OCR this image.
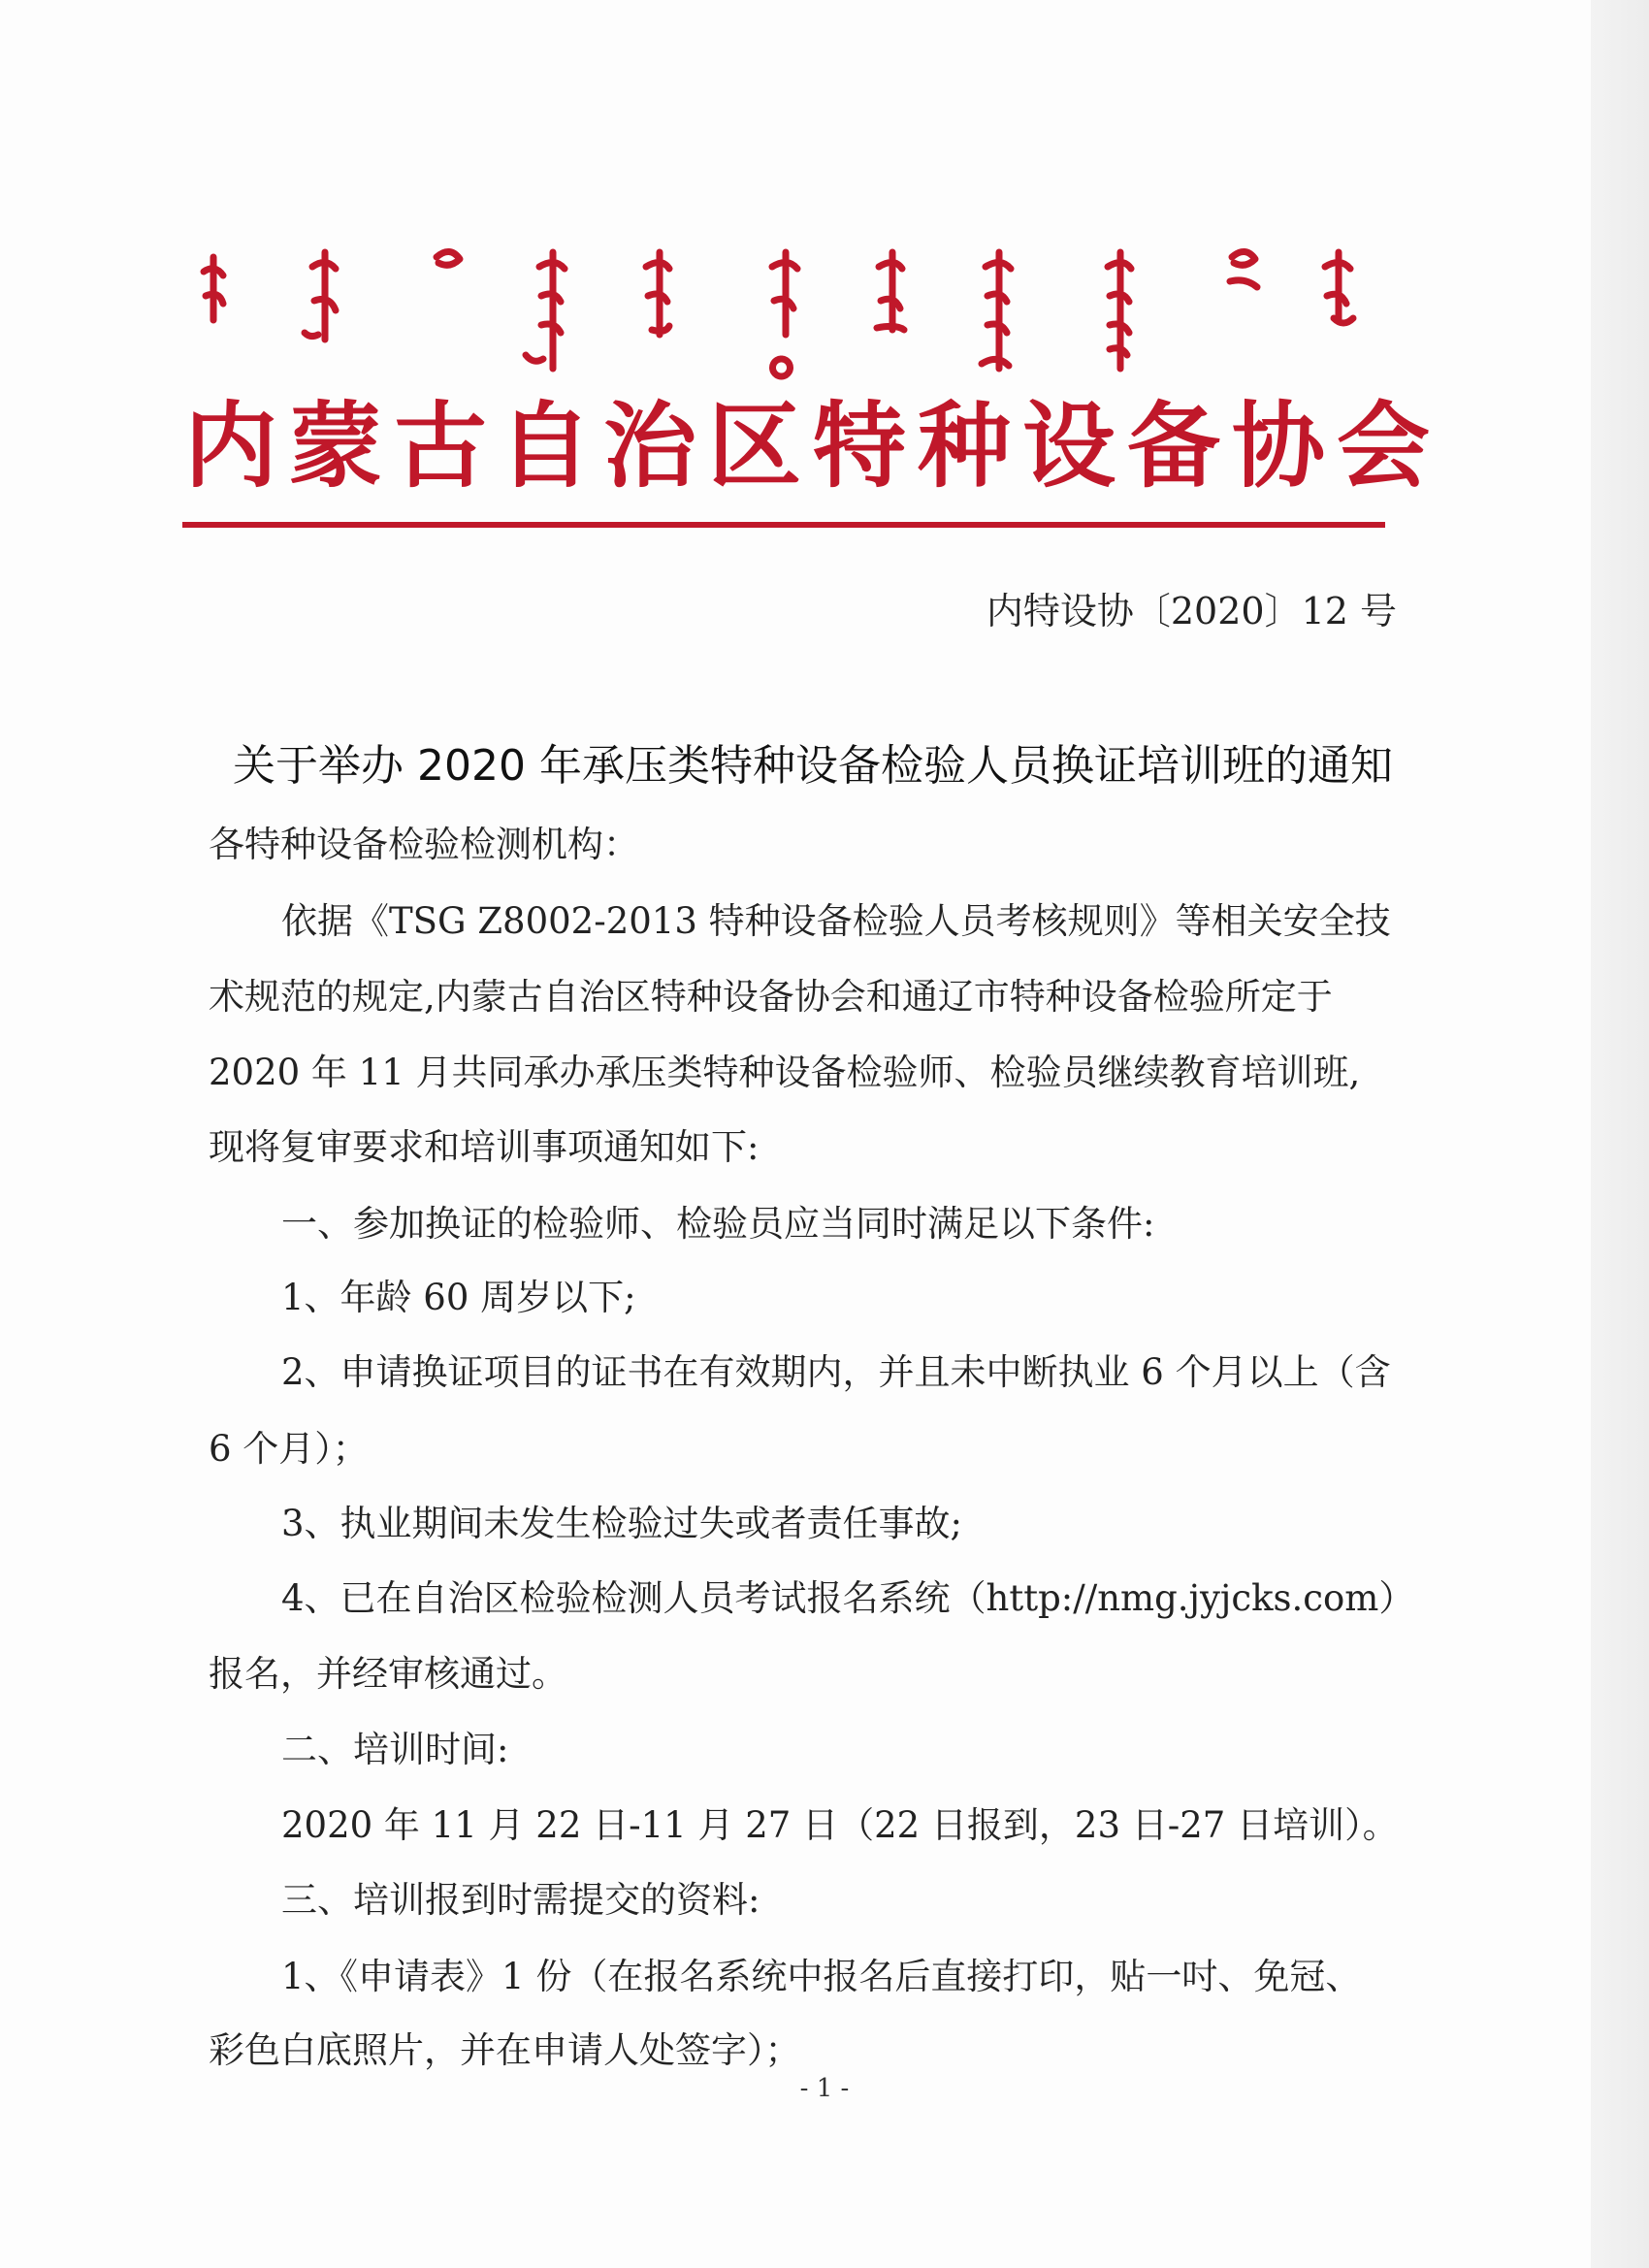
内蒙古自治区特种设备协会
内特设协〔2020〕12 号
关于举办 2020 年承压类特种设备检验人员换证培训班的通知
各特种设备检验检测机构：
依据《TSG Z8002-2013 特种设备检验人员考核规则》等相关安全技
术规范的规定,内蒙古自治区特种设备协会和通辽市特种设备检验所定于
2020 年 11 月共同承办承压类特种设备检验师、检验员继续教育培训班,
现将复审要求和培训事项通知如下:
一、参加换证的检验师、检验员应当同时满足以下条件:
1、年龄 60 周岁以下;
2、申请换证项目的证书在有效期内，并且未中断执业 6 个月以上（含
6 个月）；
3、执业期间未发生检验过失或者责任事故;
4、已在自治区检验检测人员考试报名系统（http://nmg.jyjcks.com）
报名，并经审核通过。
二、培训时间:
2020 年 11 月 22 日-11 月 27 日（22 日报到，23 日-27 日培训）。
三、培训报到时需提交的资料:
1、《申请表》1 份（在报名系统中报名后直接打印，贴一吋、免冠、
彩色白底照片，并在申请人处签字）；
- 1 -
